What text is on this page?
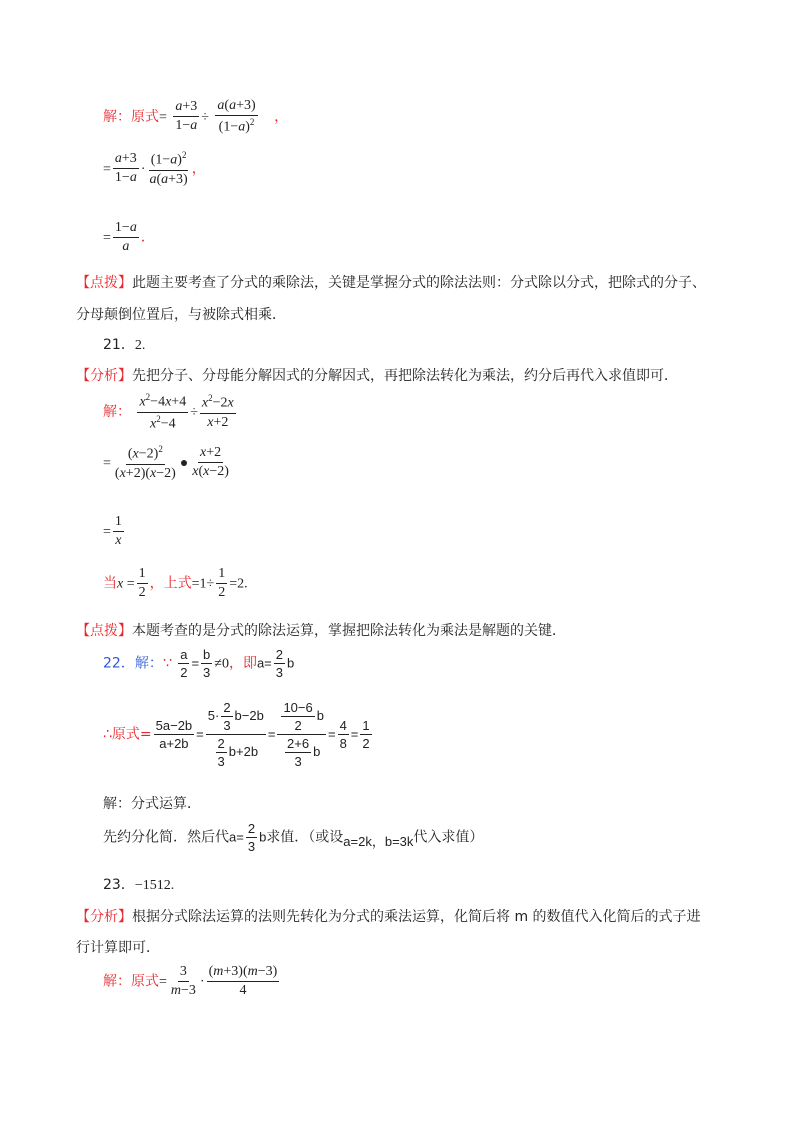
解：原式= $\frac{a+3}{1-a} \div \frac{a(a+3)}{(1-a)^2}$ ，
= $\frac{a+3}{1-a} \cdot \frac{(1-a)^2}{a(a+3)}$ ，
= $\frac{1-a}{a}$ ．
【点拨】此题主要考查了分式的乘除法，关键是掌握分式的除法法则：分式除以分式，把除式的分子、
分母颠倒位置后，与被除式相乘．
21．2.
【分析】先把分子、分母能分解因式的分解因式，再把除法转化为乘法，约分后再代入求值即可．
解： $\frac{x^2-4x+4}{x^2-4} \div \frac{x^2-2x}{x+2}$
= $\frac{(x-2)^2}{(x+2)(x-2)}$ ● $\frac{x+2}{x(x-2)}$
= $\frac{1}{x}$
当$x = \frac{1}{2}$ ，上式$=1\div \frac{1}{2} =2$.
【点拨】本题考查的是分式的除法运算，掌握把除法转化为乘法是解题的关键．
22．解：∵ $\frac{a}{2} = \frac{b}{3} \ne 0$，即$a= \frac{2}{3}$ b
∴原式= $\frac{5a-2b}{a+2b} = \frac{5\cdot \frac{2}{3} b-2b}{\frac{2}{3} b+2b} = \frac{\frac{10-6}{2} b}{\frac{2+6}{3} b} = \frac{4}{8} = \frac{1}{2}$
解：分式运算．
先约分化简．然后代$a= \frac{2}{3}$ b求值．（或设a=2k，b=3k代入求值）
23．−1512.
【分析】根据分式除法运算的法则先转化为分式的乘法运算，化简后将 m 的数值代入化简后的式子进
行计算即可．
解：原式= $\frac{3}{m-3} \cdot \frac{(m+3)(m-3)}{4}$
